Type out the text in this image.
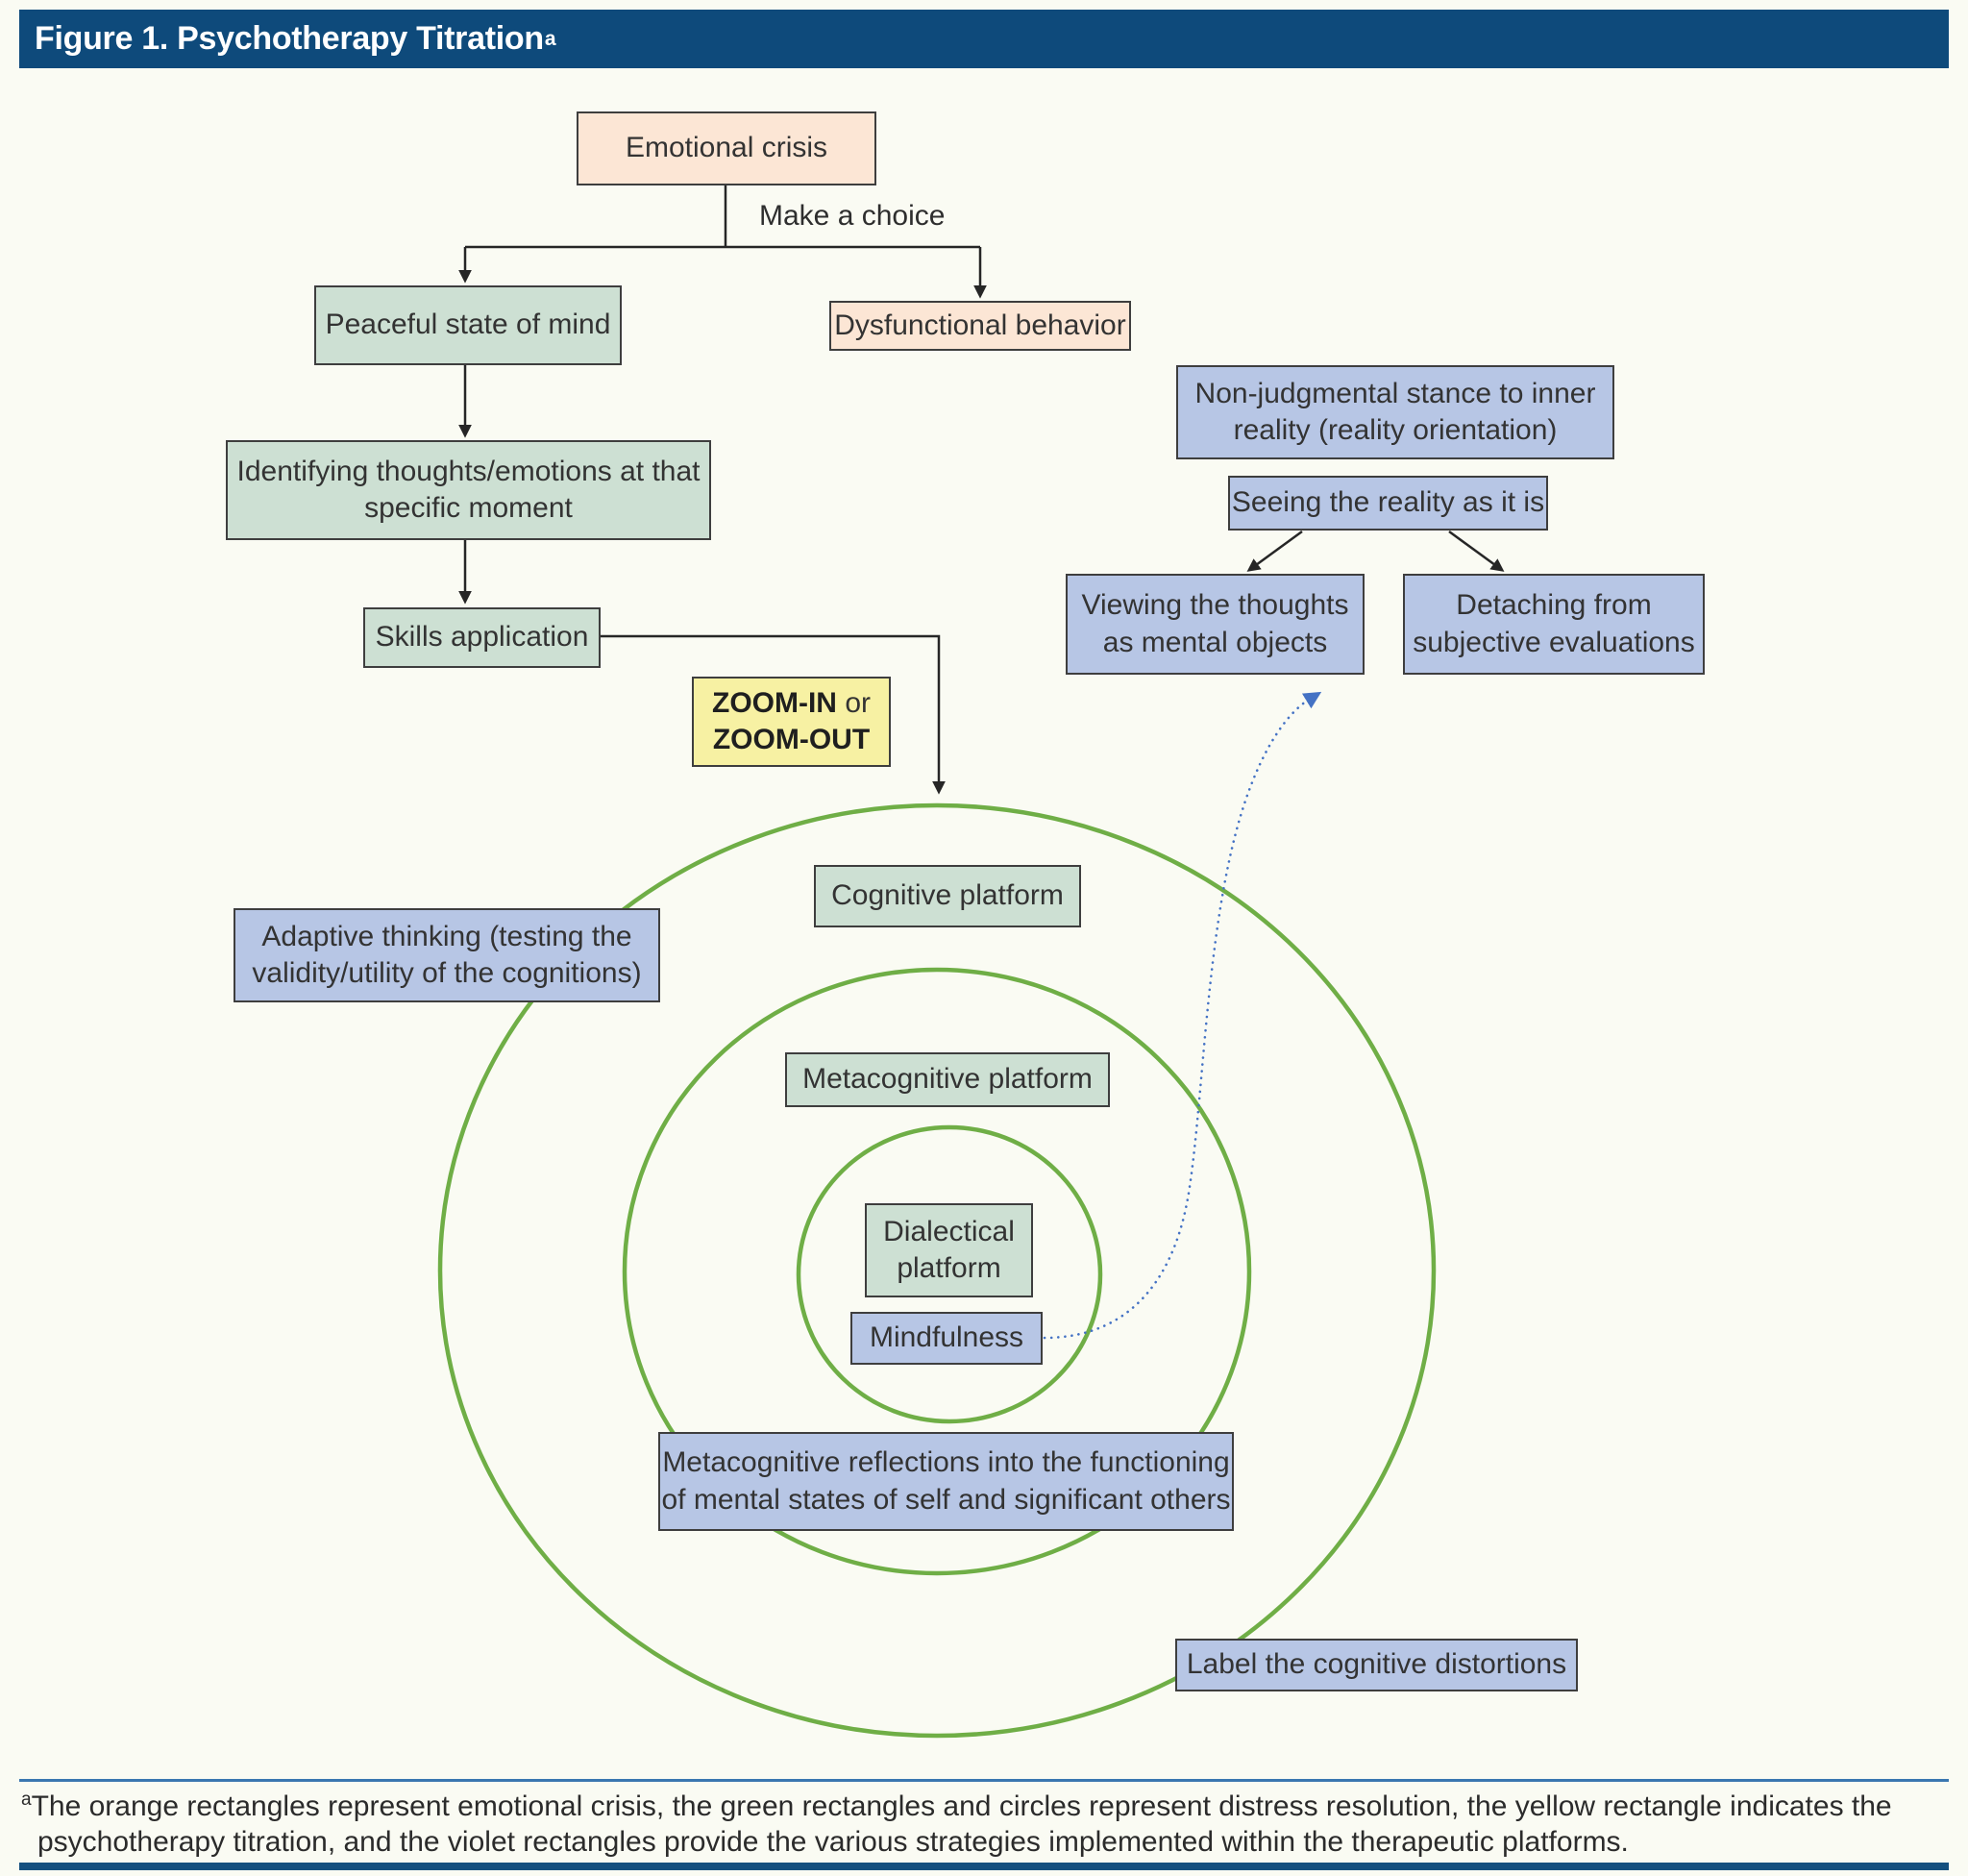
Figure 1. Psychotherapy Titration a
Emotional crisis
Make a choice
Peaceful state of mind	Dysfunctional behavior
Identifying thoughts/emotions at that
specific moment
Skills application
ZOOM-IN or
ZOOM-OUT
Non-judgmental stance to inner
reality (reality orientation)
Seeing the reality as it is
Viewing the thoughts
as mental objects
Detaching from
subjective evaluations
Cognitive platform
Adaptive thinking (testing the
validity/utility of the cognitions)
Metacognitive platform
Dialectical
platform
Mindfulness
Metacognitive reflections into the functioning
of mental states of self and significant others
Label the cognitive distortions
$^a$The orange rectangles represent emotional crisis, the green rectangles and circles represent distress resolution, the yellow rectangle indicates the
psychotherapy titration, and the violet rectangles provide the various strategies implemented within the therapeutic platforms.
